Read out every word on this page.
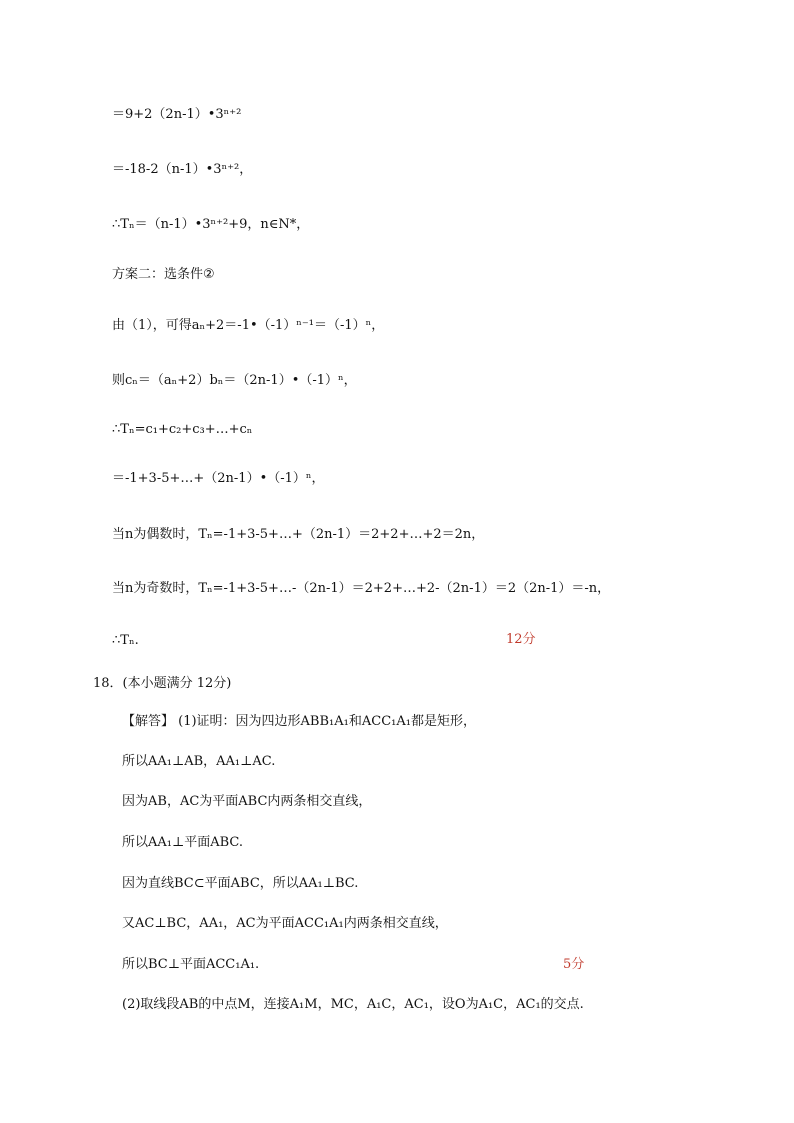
＝9+2（2n-1）•3ⁿ⁺²
＝-18-2（n-1）•3ⁿ⁺²，
∴Tₙ＝（n-1）•3ⁿ⁺²+9，n∈N*，
方案二：选条件②
由（1），可得aₙ+2＝-1•（-1）ⁿ⁻¹＝（-1）ⁿ，
则cₙ＝（aₙ+2）bₙ＝（2n-1）•（-1）ⁿ，
∴Tₙ=c₁+c₂+c₃+…+cₙ
＝-1+3-5+…+（2n-1）•（-1）ⁿ，
当n为偶数时，Tₙ=-1+3-5+…+（2n-1）＝2+2+…+2＝2n，
当n为奇数时，Tₙ=-1+3-5+…-（2n-1）＝2+2+…+2-（2n-1）＝2（2n-1）＝-n，
∴Tₙ.	12分
18．(本小题满分 12分)
【解答】 (1)证明：因为四边形ABB₁A₁和ACC₁A₁都是矩形，
所以AA₁⊥AB，AA₁⊥AC.
因为AB，AC为平面ABC内两条相交直线，
所以AA₁⊥平面ABC.
因为直线BC⊂平面ABC，所以AA₁⊥BC.
又AC⊥BC，AA₁，AC为平面ACC₁A₁内两条相交直线，
所以BC⊥平面ACC₁A₁.	5分
(2)取线段AB的中点M，连接A₁M，MC，A₁C，AC₁，设O为A₁C，AC₁的交点.
